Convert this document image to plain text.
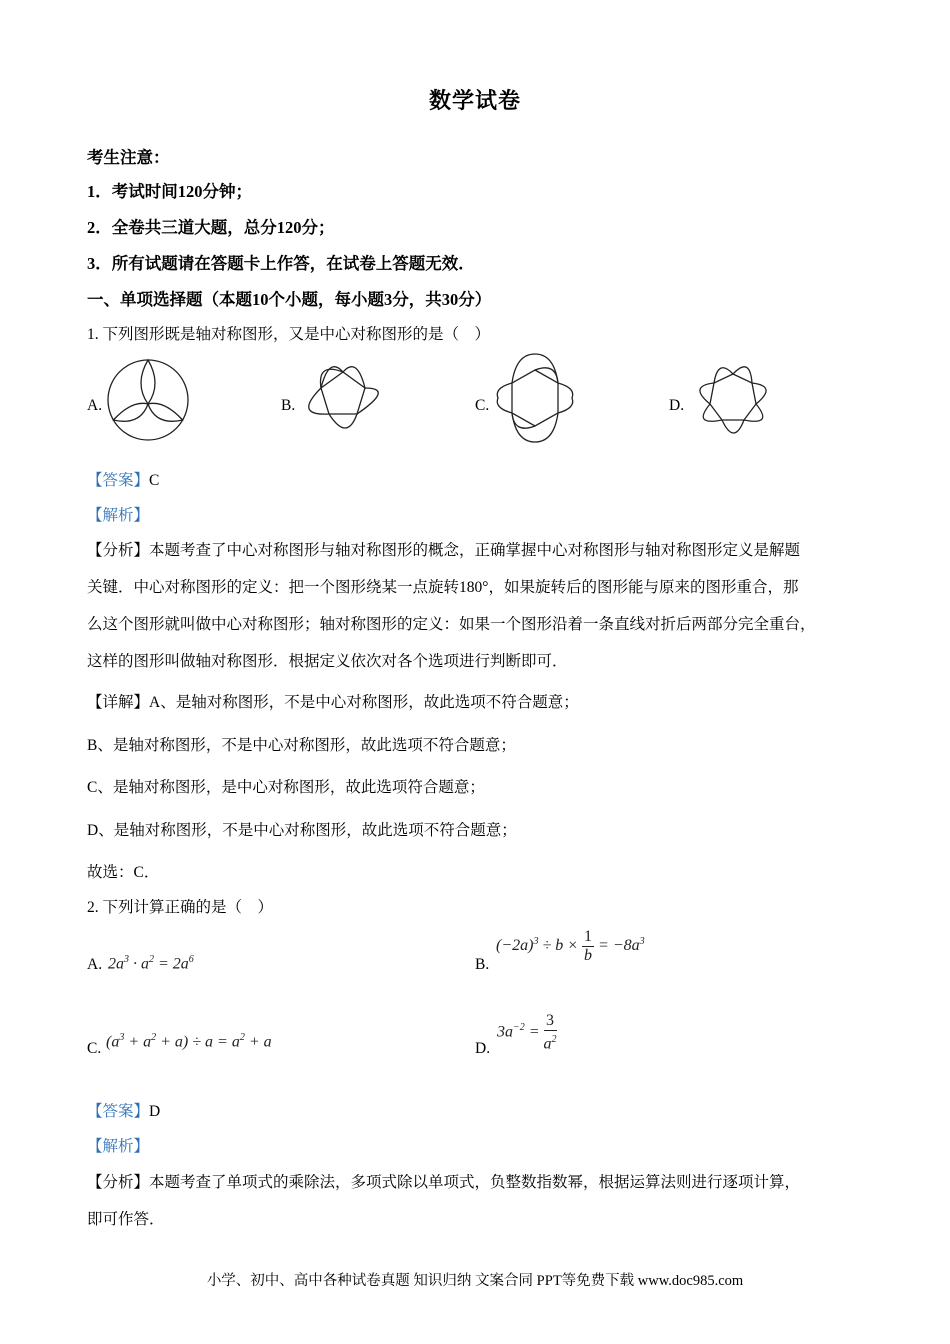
数学试卷
考生注意：
1．考试时间120分钟；
2．全卷共三道大题，总分120分；
3．所有试题请在答题卡上作答，在试卷上答题无效．
一、单项选择题（本题10个小题，每小题3分，共30分）
1. 下列图形既是轴对称图形，又是中心对称图形的是（　）
A.	B.	C.	D.
【答案】C
【解析】
【分析】本题考查了中心对称图形与轴对称图形的概念，正确掌握中心对称图形与轴对称图形定义是解题
关键．中心对称图形的定义：把一个图形绕某一点旋转180°，如果旋转后的图形能与原来的图形重合，那
么这个图形就叫做中心对称图形；轴对称图形的定义：如果一个图形沿着一条直线对折后两部分完全重台，
这样的图形叫做轴对称图形．根据定义依次对各个选项进行判断即可．
【详解】A、是轴对称图形，不是中心对称图形，故此选项不符合题意；
B、是轴对称图形，不是中心对称图形，故此选项不符合题意；
C、是轴对称图形，是中心对称图形，故此选项符合题意；
D、是轴对称图形，不是中心对称图形，故此选项不符合题意；
故选：C．
2. 下列计算正确的是（　）
A. $2a^3 \cdot a^2 = 2a^6$	B.
$(-2a)^3 \div b \times \frac{1}{b} = -8a^3$
C. $(a^3 + a^2 + a) \div a = a^2 + a$	D.
$3a^{-2} = \frac{3}{a^2}$
【答案】D
【解析】
【分析】本题考查了单项式的乘除法，多项式除以单项式，负整数指数幂，根据运算法则进行逐项计算，
即可作答．
小学、初中、高中各种试卷真题 知识归纳 文案合同 PPT等免费下载 www.doc985.com
